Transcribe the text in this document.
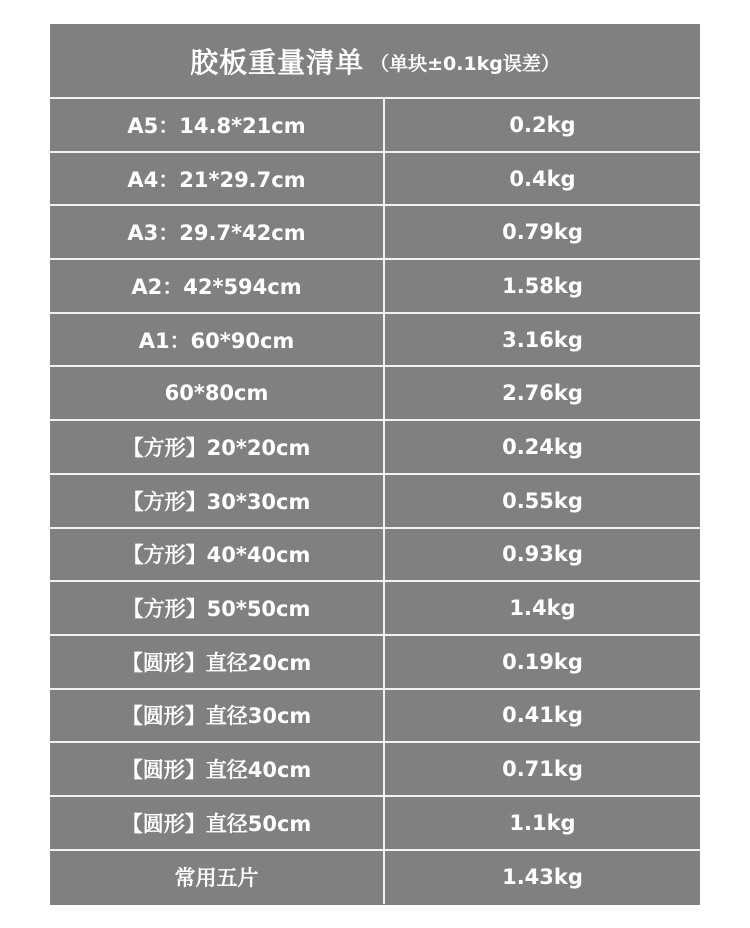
胶板重量清单 （单块±0.1kg误差）
A5：14.8*21cm	0.2kg
A4：21*29.7cm	0.4kg
A3：29.7*42cm	0.79kg
A2：42*594cm	1.58kg
A1：60*90cm	3.16kg
60*80cm	2.76kg
【方形】20*20cm	0.24kg
【方形】30*30cm	0.55kg
【方形】40*40cm	0.93kg
【方形】50*50cm	1.4kg
【圆形】直径20cm	0.19kg
【圆形】直径30cm	0.41kg
【圆形】直径40cm	0.71kg
【圆形】直径50cm	1.1kg
常用五片	1.43kg
